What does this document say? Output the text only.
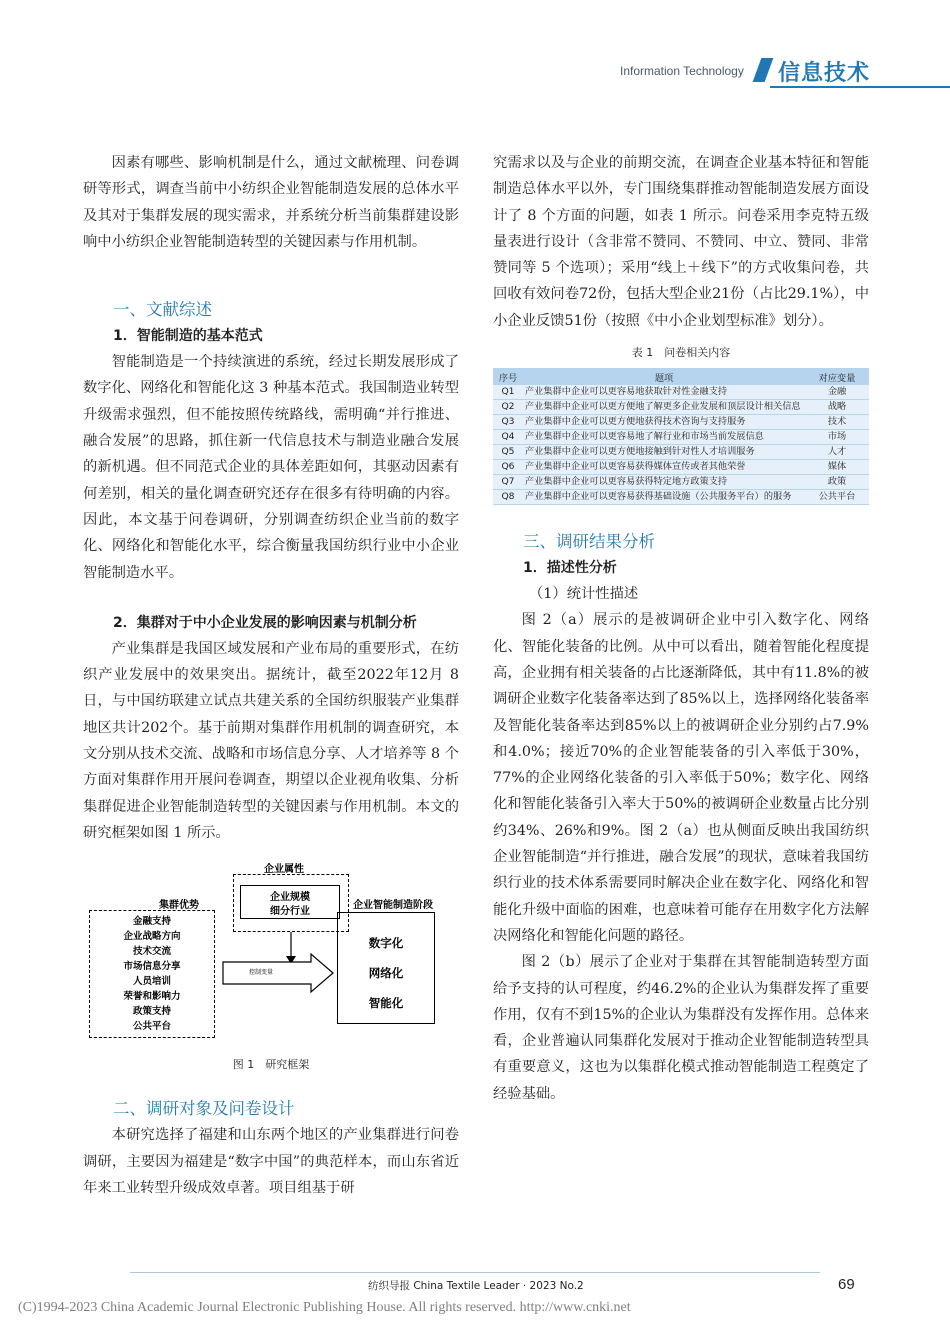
Information Technology 信息技术

因素有哪些、影响机制是什么，通过文献梳理、问卷调研等形式，调查当前中小纺织企业智能制造发展的总体水平及其对于集群发展的现实需求，并系统分析当前集群建设影响中小纺织企业智能制造转型的关键因素与作用机制。

一、文献综述
1．智能制造的基本范式

智能制造是一个持续演进的系统，经过长期发展形成了数字化、网络化和智能化这 3 种基本范式。我国制造业转型升级需求强烈，但不能按照传统路线，需明确“并行推进、融合发展”的思路，抓住新一代信息技术与制造业融合发展的新机遇。但不同范式企业的具体差距如何，其驱动因素有何差别，相关的量化调查研究还存在很多有待明确的内容。因此，本文基于问卷调研，分别调查纺织企业当前的数字化、网络化和智能化水平，综合衡量我国纺织行业中小企业智能制造水平。

2．集群对于中小企业发展的影响因素与机制分析

产业集群是我国区域发展和产业布局的重要形式，在纺织产业发展中的效果突出。据统计，截至2022年12月 8 日，与中国纺联建立试点共建关系的全国纺织服装产业集群地区共计202个。基于前期对集群作用机制的调查研究，本文分别从技术交流、战略和市场信息分享、人才培养等 8 个方面对集群作用开展问卷调查，期望以企业视角收集、分析集群促进企业智能制造转型的关键因素与作用机制。本文的研究框架如图 1 所示。

企业属性
企业规模
细分行业
集群优势
金融支持
企业战略方向
技术交流
市场信息分享
人员培训
荣誉和影响力
政策支持
公共平台
控制变量
企业智能制造阶段
数字化
网络化
智能化
图 1　研究框架
二、调研对象及问卷设计

本研究选择了福建和山东两个地区的产业集群进行问卷调研，主要因为福建是“数字中国”的典范样本，而山东省近年来工业转型升级成效卓著。项目组基于研

究需求以及与企业的前期交流，在调查企业基本特征和智能制造总体水平以外，专门围绕集群推动智能制造发展方面设计了 8 个方面的问题，如表 1 所示。问卷采用李克特五级量表进行设计（含非常不赞同、不赞同、中立、赞同、非常赞同等 5 个选项）；采用“线上＋线下”的方式收集问卷，共回收有效问卷72份，包括大型企业21份（占比29.1%），中小企业反馈51份（按照《中小企业划型标准》划分）。

表 1　问卷相关内容
序号	题项	对应变量
Q1	产业集群中企业可以更容易地获取针对性金融支持	金融
Q2	产业集群中企业可以更方便地了解更多企业发展和顶层设计相关信息	战略
Q3	产业集群中企业可以更方便地获得技术咨询与支持服务	技术
Q4	产业集群中企业可以更容易地了解行业和市场当前发展信息	市场
Q5	产业集群中企业可以更方便地接触到针对性人才培训服务	人才
Q6	产业集群中企业可以更容易获得媒体宣传或者其他荣誉	媒体
Q7	产业集群中企业可以更容易获得特定地方政策支持	政策
Q8	产业集群中企业可以更容易获得基础设施（公共服务平台）的服务	公共平台
三、调研结果分析
1．描述性分析
（1）统计性描述

图 2（a）展示的是被调研企业中引入数字化、网络化、智能化装备的比例。从中可以看出，随着智能化程度提高，企业拥有相关装备的占比逐渐降低，其中有11.8%的被调研企业数字化装备率达到了85%以上，选择网络化装备率及智能化装备率达到85%以上的被调研企业分别约占7.9%和4.0%；接近70%的企业智能装备的引入率低于30%，77%的企业网络化装备的引入率低于50%；数字化、网络化和智能化装备引入率大于50%的被调研企业数量占比分别约34%、26%和9%。图 2（a）也从侧面反映出我国纺织企业智能制造“并行推进，融合发展”的现状，意味着我国纺织行业的技术体系需要同时解决企业在数字化、网络化和智能化升级中面临的困难，也意味着可能存在用数字化方法解决网络化和智能化问题的路径。

图 2（b）展示了企业对于集群在其智能制造转型方面给予支持的认可程度，约46.2%的企业认为集群发挥了重要作用，仅有不到15%的企业认为集群没有发挥作用。总体来看，企业普遍认同集群化发展对于推动企业智能制造转型具有重要意义，这也为以集群化模式推动智能制造工程奠定了经验基础。

纺织导报 China Textile Leader · 2023 No.2	69
(C)1994-2023 China Academic Journal Electronic Publishing House. All rights reserved. http://www.cnki.net
